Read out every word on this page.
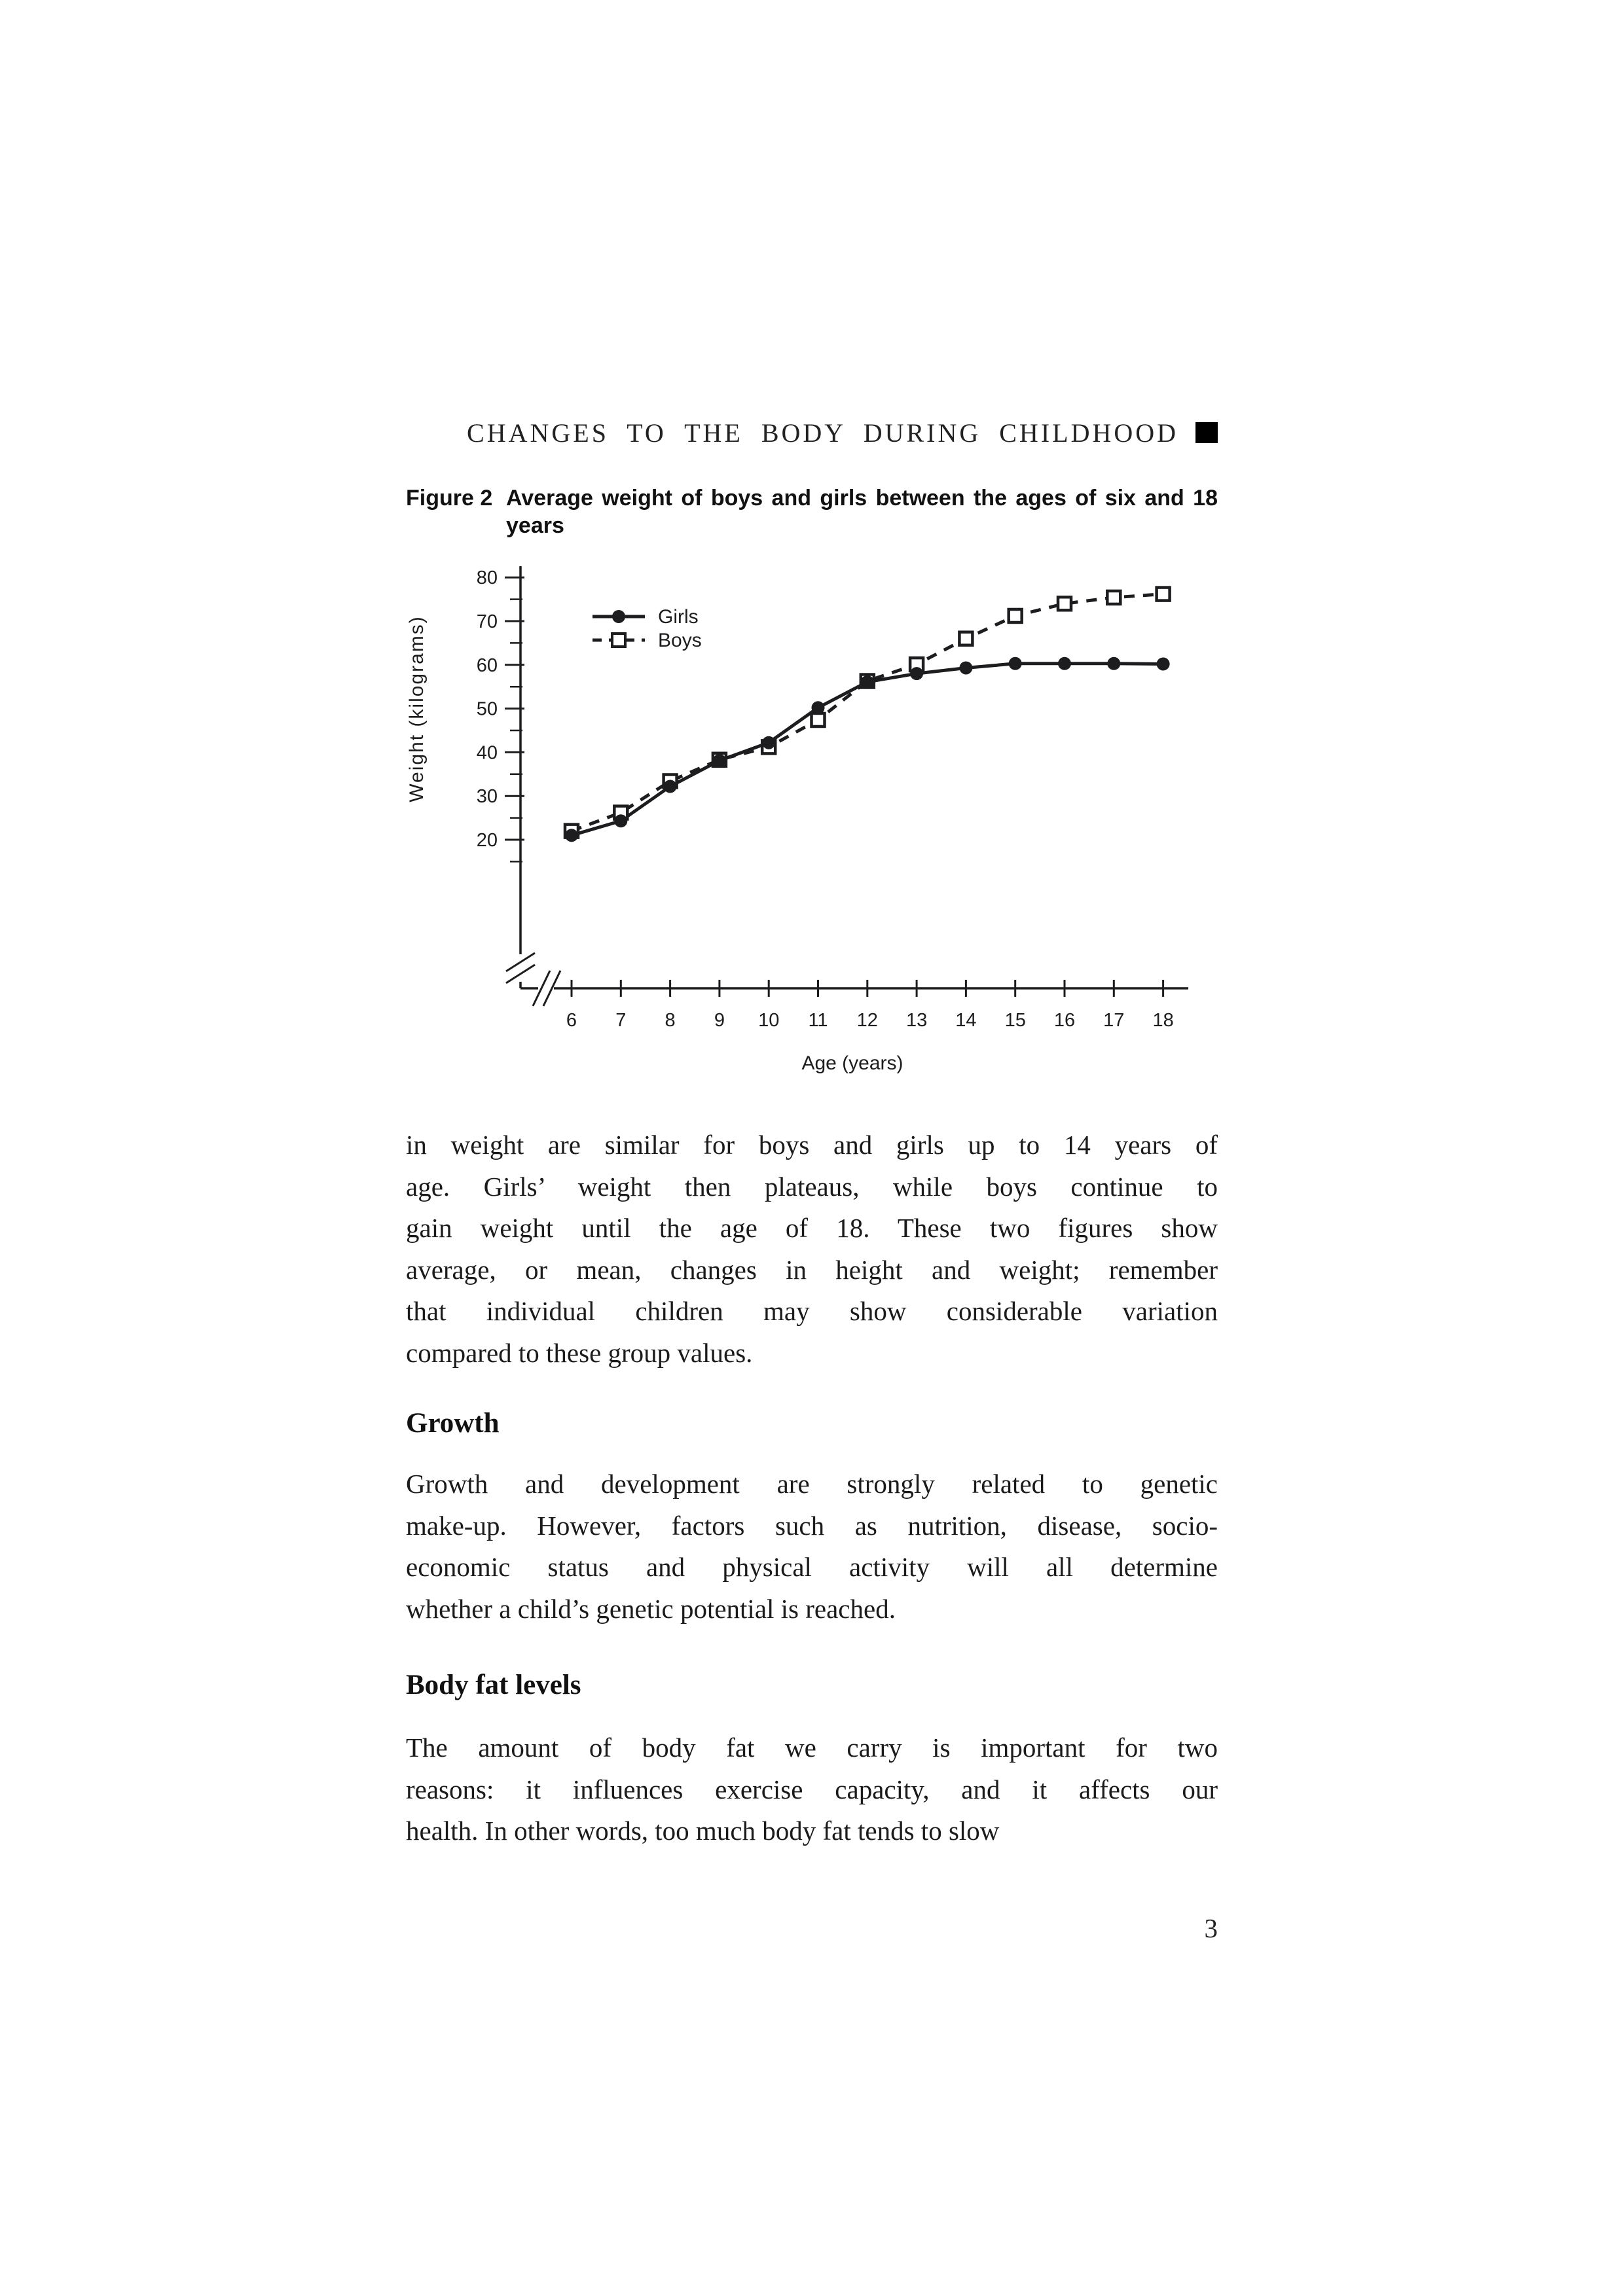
CHANGES TO THE BODY DURING CHILDHOOD
Figure 2 Average weight of boys and girls between the ages of six and 18
years
20
30
40
50
60
70
80
6 7 8 9 10 11 12 13 14 15 16 17 18
Age (years)
Weight (kilograms)	Girls
Boys
in weight are similar for boys and girls up to 14 years of
age. Girls’ weight then plateaus, while boys continue to
gain weight until the age of 18. These two figures show
average, or mean, changes in height and weight; remember
that individual children may show considerable variation
compared to these group values.
Growth
Growth and development are strongly related to genetic
make-up. However, factors such as nutrition, disease, socio-
economic status and physical activity will all determine
whether a child’s genetic potential is reached.
Body fat levels
The amount of body fat we carry is important for two
reasons: it influences exercise capacity, and it affects our
health. In other words, too much body fat tends to slow
3
